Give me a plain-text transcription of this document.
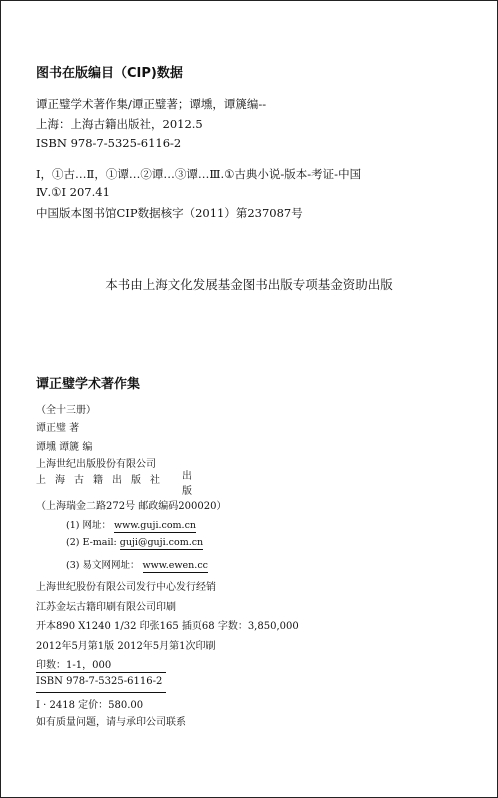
图书在版编目（CIP)数据
谭正璧学术著作集/谭正璧著；谭壎，谭篪编--
上海：上海古籍出版社，2012.5
ISBN 978-7-5325-6116-2
Ⅰ，①古…Ⅱ，①谭…②谭…③谭…Ⅲ.①古典小说-版本-考证-中国
Ⅳ.①Ⅰ 207.41
中国版本图书馆CIP数据核字（2011）第237087号
本书由上海文化发展基金图书出版专项基金资助出版
谭正璧学术著作集
（全十三册）
谭正璧 著
谭壎 谭篪 编
上海世纪出版股份有限公司
上海古籍出版社 出版
（上海瑞金二路272号 邮政编码200020）
(1) 网址： www.guji.com.cn
(2) E-mail: guji@guji.com.cn
(3) 易文网网址： www.ewen.cc
上海世纪股份有限公司发行中心发行经销
江苏金坛古籍印刷有限公司印刷
开本890 X1240 1/32 印张165 插页68 字数：3,850,000
2012年5月第1版 2012年5月第1次印刷
印数：1-1，000
ISBN 978-7-5325-6116-2
Ⅰ · 2418 定价：580.00
如有质量问题，请与承印公司联系
